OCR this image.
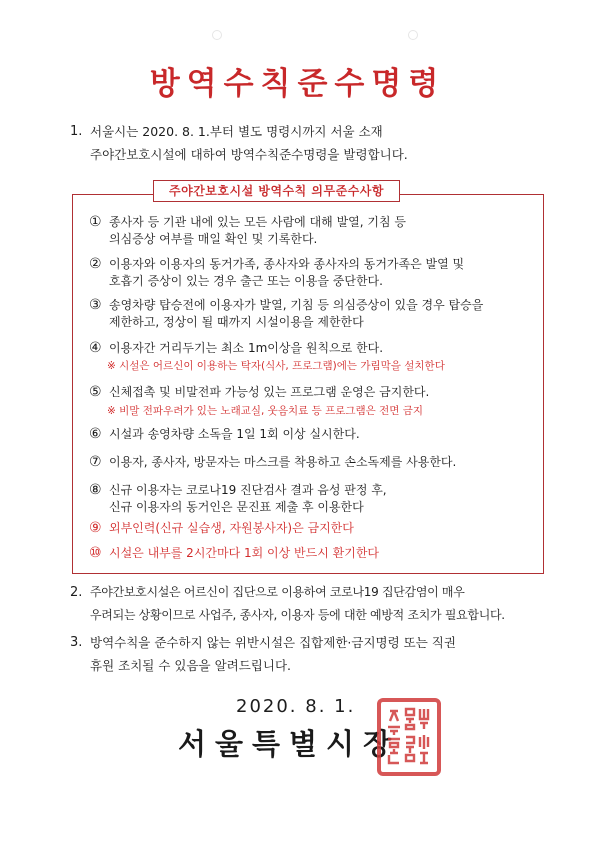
방역수칙준수명령
1. 서울시는 2020. 8. 1.부터 별도 명령시까지 서울 소재
주야간보호시설에 대하여 방역수칙준수명령을 발령합니다.
주야간보호시설 방역수칙 의무준수사항
① 종사자 등 기관 내에 있는 모든 사람에 대해 발열, 기침 등
의심증상 여부를 매일 확인 및 기록한다.
② 이용자와 이용자의 동거가족, 종사자와 종사자의 동거가족은 발열 및
호흡기 증상이 있는 경우 출근 또는 이용을 중단한다.
③ 송영차량 탑승전에 이용자가 발열, 기침 등 의심증상이 있을 경우 탑승을
제한하고, 정상이 될 때까지 시설이용을 제한한다
④ 이용자간 거리두기는 최소 1m이상을 원칙으로 한다.
※ 시설은 어르신이 이용하는 탁자(식사, 프로그램)에는 가림막을 설치한다
⑤ 신체접촉 및 비말전파 가능성 있는 프로그램 운영은 금지한다.
※ 비말 전파우려가 있는 노래교실, 웃음치료 등 프로그램은 전면 금지
⑥ 시설과 송영차량 소독을 1일 1회 이상 실시한다.
⑦ 이용자, 종사자, 방문자는 마스크를 착용하고 손소독제를 사용한다.
⑧ 신규 이용자는 코로나19 진단검사 결과 음성 판정 후,
신규 이용자의 동거인은 문진표 제출 후 이용한다
⑨ 외부인력(신규 실습생, 자원봉사자)은 금지한다
⑩ 시설은 내부를 2시간마다 1회 이상 반드시 환기한다
2. 주야간보호시설은 어르신이 집단으로 이용하여 코로나19 집단감염이 매우
우려되는 상황이므로 사업주, 종사자, 이용자 등에 대한 예방적 조치가 필요합니다.
3. 방역수칙을 준수하지 않는 위반시설은 집합제한·금지명령 또는 직권
휴원 조치될 수 있음을 알려드립니다.
2020. 8. 1.
서울특별시장
